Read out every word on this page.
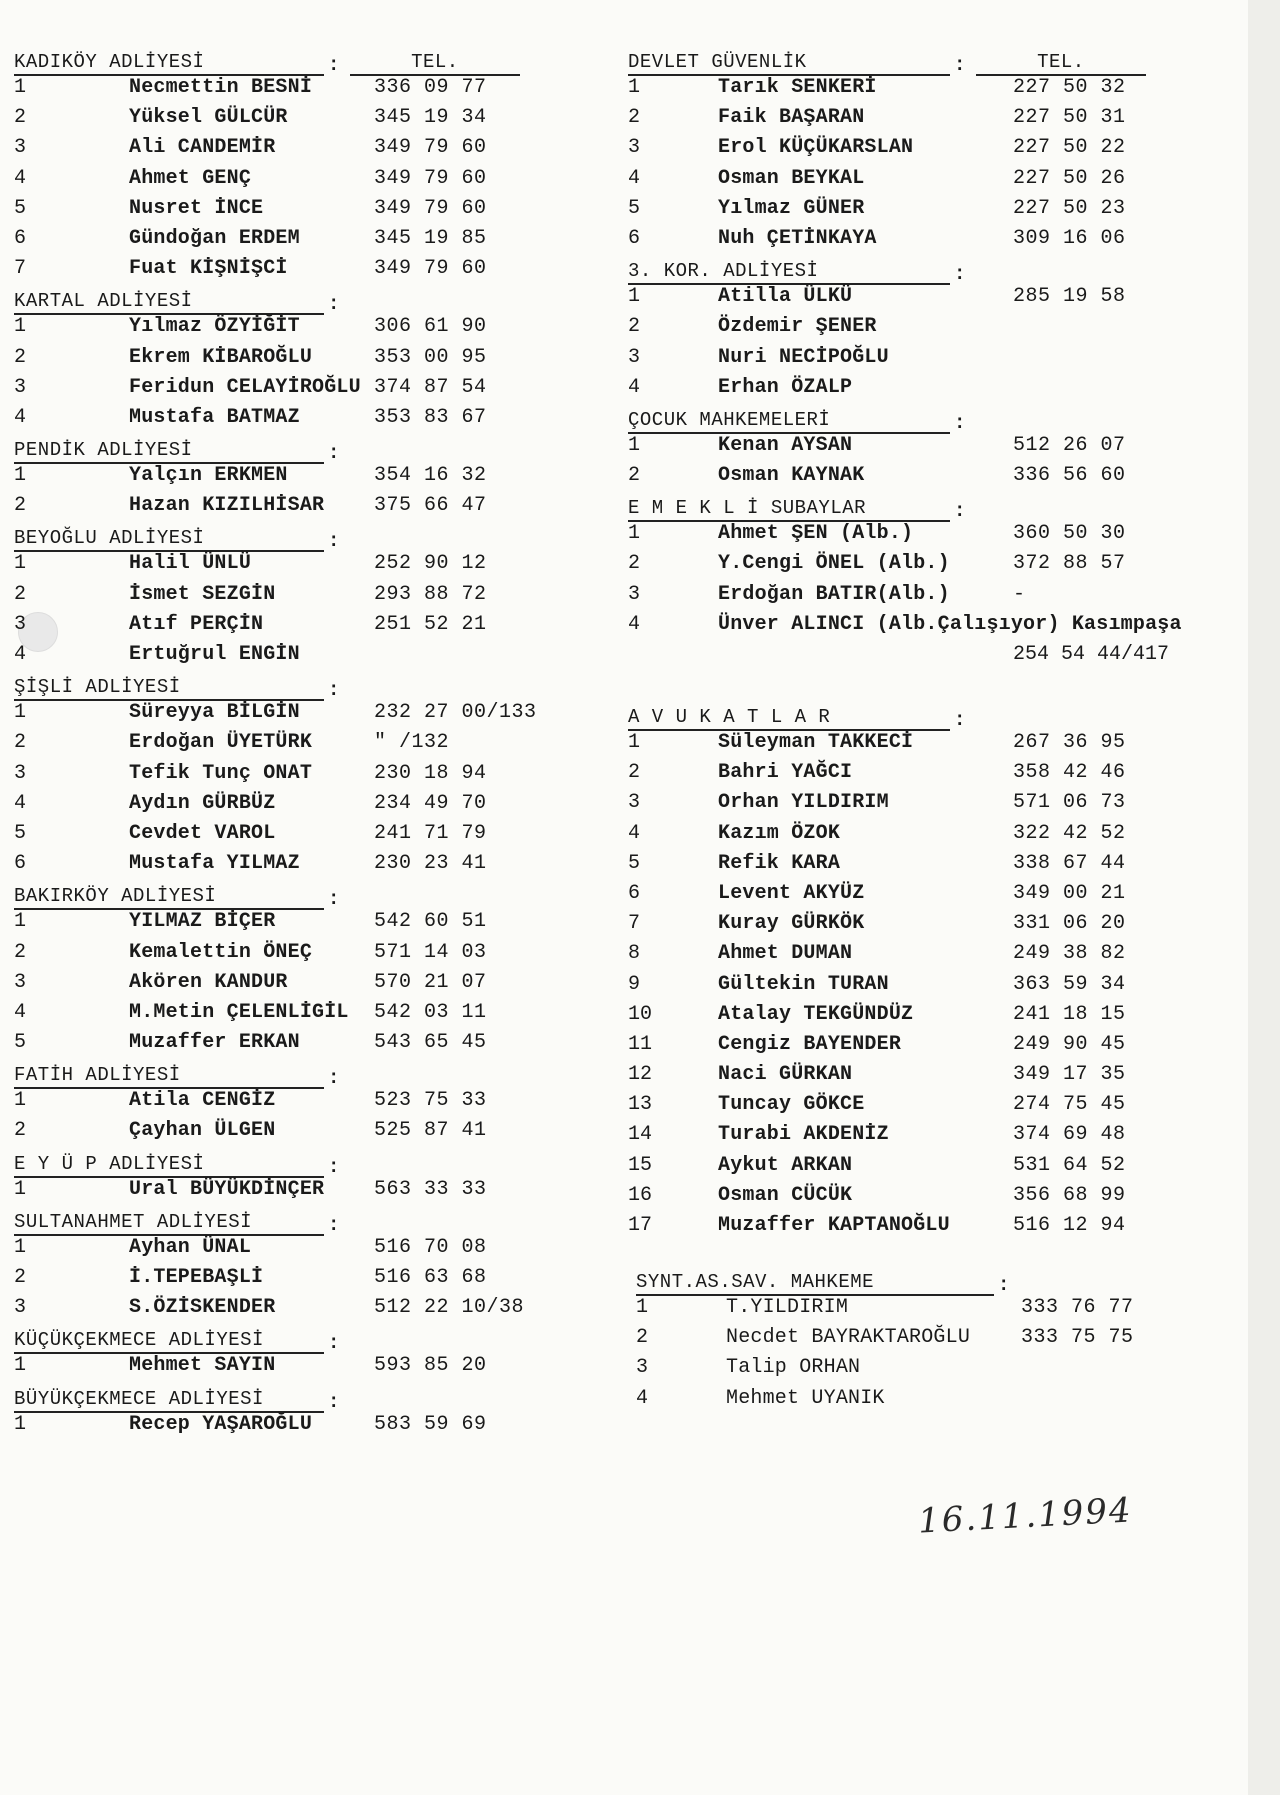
KADIKÖY ADLİYESİ	:	TEL.
1	Necmettin BESNİ	336 09 77
2	Yüksel GÜLCÜR	345 19 34
3	Ali CANDEMİR	349 79 60
4	Ahmet GENÇ	349 79 60
5	Nusret İNCE	349 79 60
6	Gündoğan ERDEM	345 19 85
7	Fuat KİŞNİŞCİ	349 79 60
KARTAL ADLİYESİ	:
1	Yılmaz ÖZYİĞİT	306 61 90
2	Ekrem KİBAROĞLU	353 00 95
3	Feridun CELAYİROĞLU 374 87 54
4	Mustafa BATMAZ	353 83 67
PENDİK ADLİYESİ	:
1	Yalçın ERKMEN	354 16 32
2	Hazan KIZILHİSAR	375 66 47
BEYOĞLU ADLİYESİ	:
1	Halil ÜNLÜ	252 90 12
2	İsmet SEZGİN	293 88 72
3	Atıf PERÇİN	251 52 21
4	Ertuğrul ENGİN
ŞİŞLİ ADLİYESİ	:
1	Süreyya BİLGİN	232 27 00/133
2	Erdoğan ÜYETÜRK	" /132
3	Tefik Tunç ONAT	230 18 94
4	Aydın GÜRBÜZ	234 49 70
5	Cevdet VAROL	241 71 79
6	Mustafa YILMAZ	230 23 41
BAKIRKÖY ADLİYESİ	:
1	YILMAZ BİÇER	542 60 51
2	Kemalettin ÖNEÇ	571 14 03
3	Akören KANDUR	570 21 07
4	M.Metin ÇELENLİGİL	542 03 11
5	Muzaffer ERKAN	543 65 45
FATİH ADLİYESİ	:
1	Atila CENGİZ	523 75 33
2	Çayhan ÜLGEN	525 87 41
E Y Ü P ADLİYESİ	:
1	Ural BÜYÜKDİNÇER	563 33 33
SULTANAHMET ADLİYESİ	:
1	Ayhan ÜNAL	516 70 08
2	İ.TEPEBAŞLİ	516 63 68
3	S.ÖZİSKENDER	512 22 10/38
KÜÇÜKÇEKMECE ADLİYESİ	:
1	Mehmet SAYIN	593 85 20
BÜYÜKÇEKMECE ADLİYESİ	:
1	Recep YAŞAROĞLU	583 59 69
DEVLET GÜVENLİK	:	TEL.
1	Tarık SENKERİ	227 50 32
2	Faik BAŞARAN	227 50 31
3	Erol KÜÇÜKARSLAN	227 50 22
4	Osman BEYKAL	227 50 26
5	Yılmaz GÜNER	227 50 23
6	Nuh ÇETİNKAYA	309 16 06
3. KOR. ADLİYESİ	:
1	Atilla ÜLKÜ	285 19 58
2	Özdemir ŞENER
3	Nuri NECİPOĞLU
4	Erhan ÖZALP
ÇOCUK MAHKEMELERİ	:
1	Kenan AYSAN	512 26 07
2	Osman KAYNAK	336 56 60
E M E K L İ SUBAYLAR	:
1	Ahmet ŞEN (Alb.)	360 50 30
2	Y.Cengi ÖNEL (Alb.)	372 88 57
3	Erdoğan BATIR(Alb.)	-
4	Ünver ALINCI (Alb.Çalışıyor) Kasımpaşa
254 54 44/417
A V U K A T L A R	:
1	Süleyman TAKKECİ	267 36 95
2	Bahri YAĞCI	358 42 46
3	Orhan YILDIRIM	571 06 73
4	Kazım ÖZOK	322 42 52
5	Refik KARA	338 67 44
6	Levent AKYÜZ	349 00 21
7	Kuray GÜRKÖK	331 06 20
8	Ahmet DUMAN	249 38 82
9	Gültekin TURAN	363 59 34
10	Atalay TEKGÜNDÜZ	241 18 15
11	Cengiz BAYENDER	249 90 45
12	Naci GÜRKAN	349 17 35
13	Tuncay GÖKCE	274 75 45
14	Turabi AKDENİZ	374 69 48
15	Aykut ARKAN	531 64 52
16	Osman CÜCÜK	356 68 99
17	Muzaffer KAPTANOĞLU	516 12 94
SYNT.AS.SAV. MAHKEME	:
1	T.YILDIRIM	333 76 77
2	Necdet BAYRAKTAROĞLU	333 75 75
3	Talip ORHAN
4	Mehmet UYANIK
16.11.1994
